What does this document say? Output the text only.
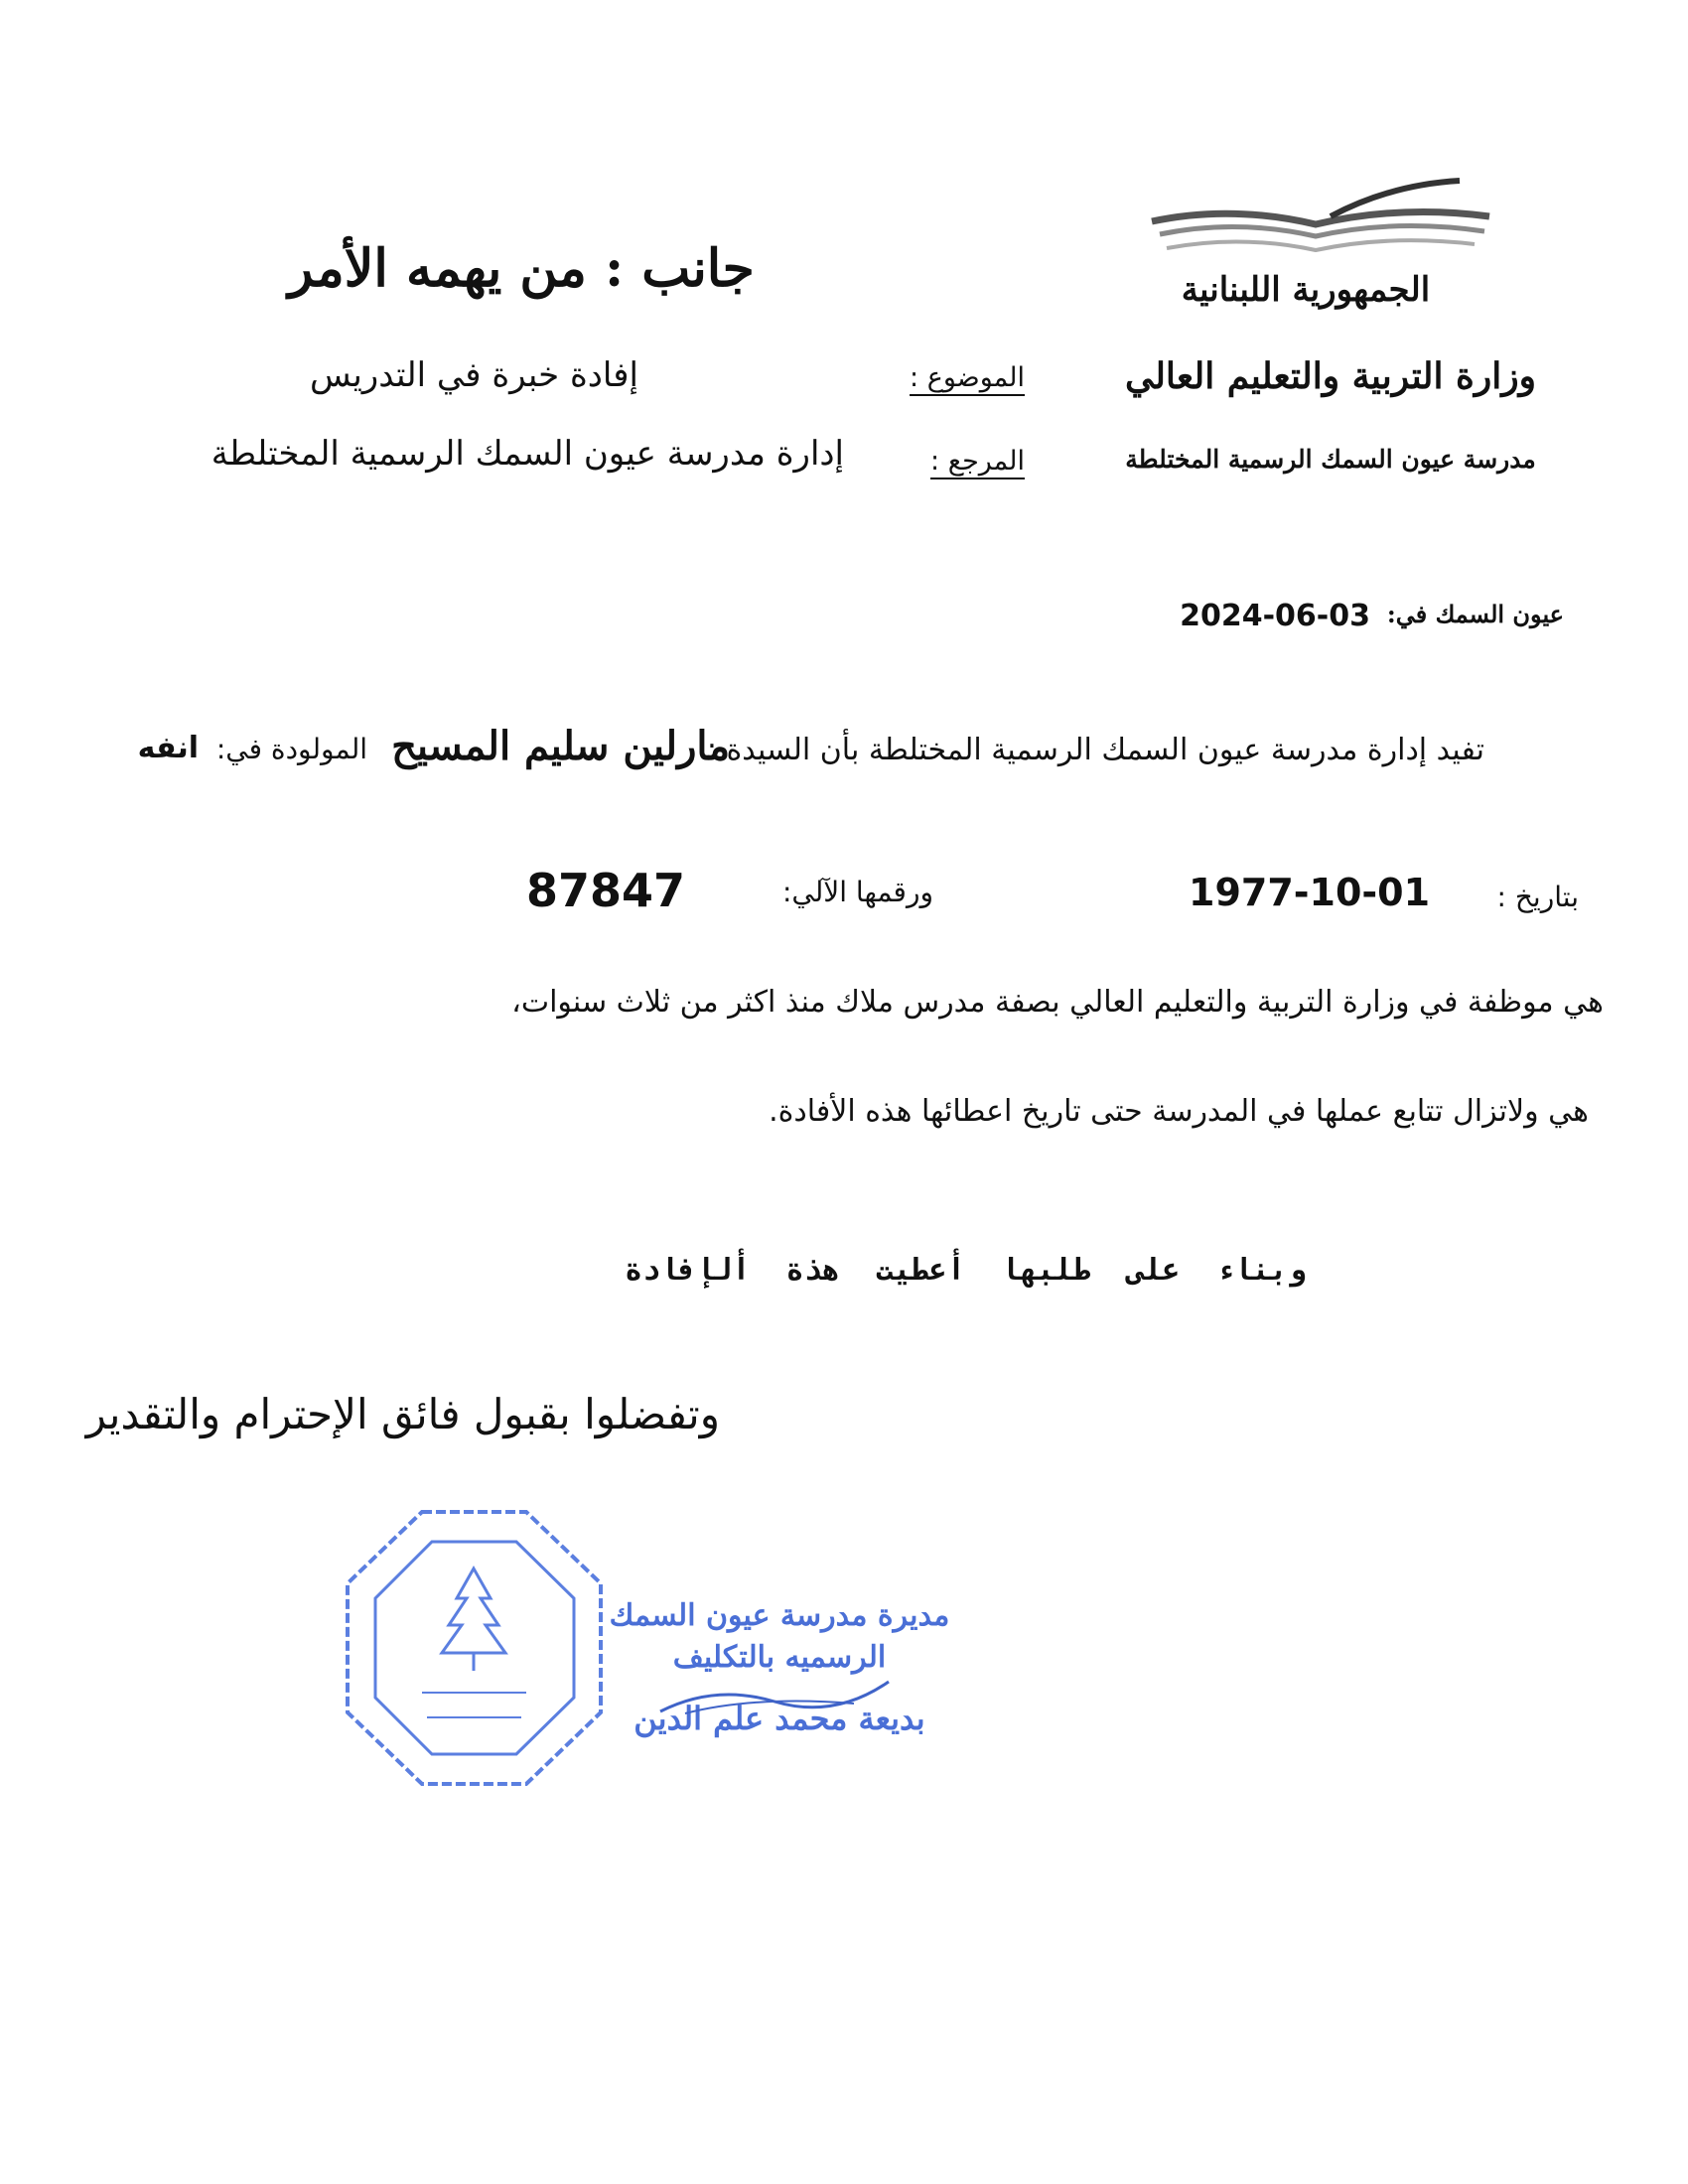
الجمهورية اللبنانية
وزارة التربية والتعليم العالي
مدرسة عيون السمك الرسمية المختلطة
جانب : من يهمه الأمر
الموضوع :
إفادة خبرة في التدريس
المرجع :
إدارة مدرسة عيون السمك الرسمية المختلطة
عيون السمك في:
2024-06-03
تفيد إدارة مدرسة عيون السمك الرسمية المختلطة بأن السيدة :
مارلين سليم المسيح
المولودة في:
انفه
بتاريخ :
1977-10-01
ورقمها الآلي:
87847
هي موظفة في وزارة التربية والتعليم العالي بصفة مدرس ملاك منذ اكثر من ثلاث سنوات،
هي ولاتزال تتابع عملها في المدرسة حتى تاريخ اعطائها هذه الأفادة.
وبناء على طلبها أعطيت هذة ألإفادة
وتفضلوا بقبول فائق الإحترام والتقدير
مديرة مدرسة عيون السمك
الرسميه بالتكليف
بديعة محمد علم الدين
